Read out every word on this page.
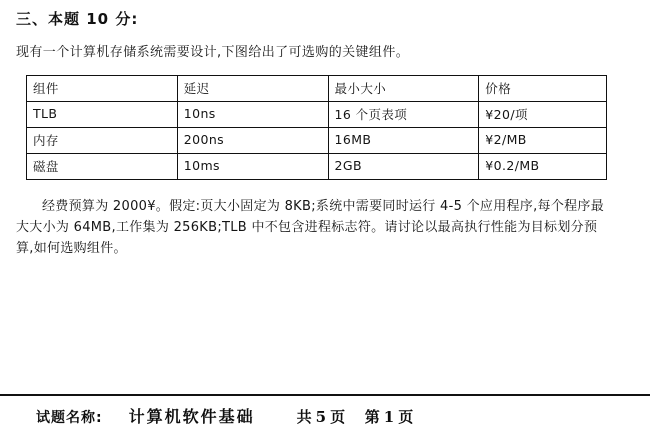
三、本题 10 分:
现有一个计算机存储系统需要设计,下图给出了可选购的关键组件。
组件	延迟	最小大小	价格
TLB	10ns	16 个页表项	¥20/项
内存	200ns	16MB	¥2/MB
磁盘	10ms	2GB	¥0.2/MB
经费预算为 2000¥。假定:页大小固定为 8KB;系统中需要同时运行 4-5 个应用程序,每个程序最大大小为 64MB,工作集为 256KB;TLB 中不包含进程标志符。请讨论以最高执行性能为目标划分预算,如何选购组件。
试题名称: 计算机软件基础	共 5 页 第 1 页
